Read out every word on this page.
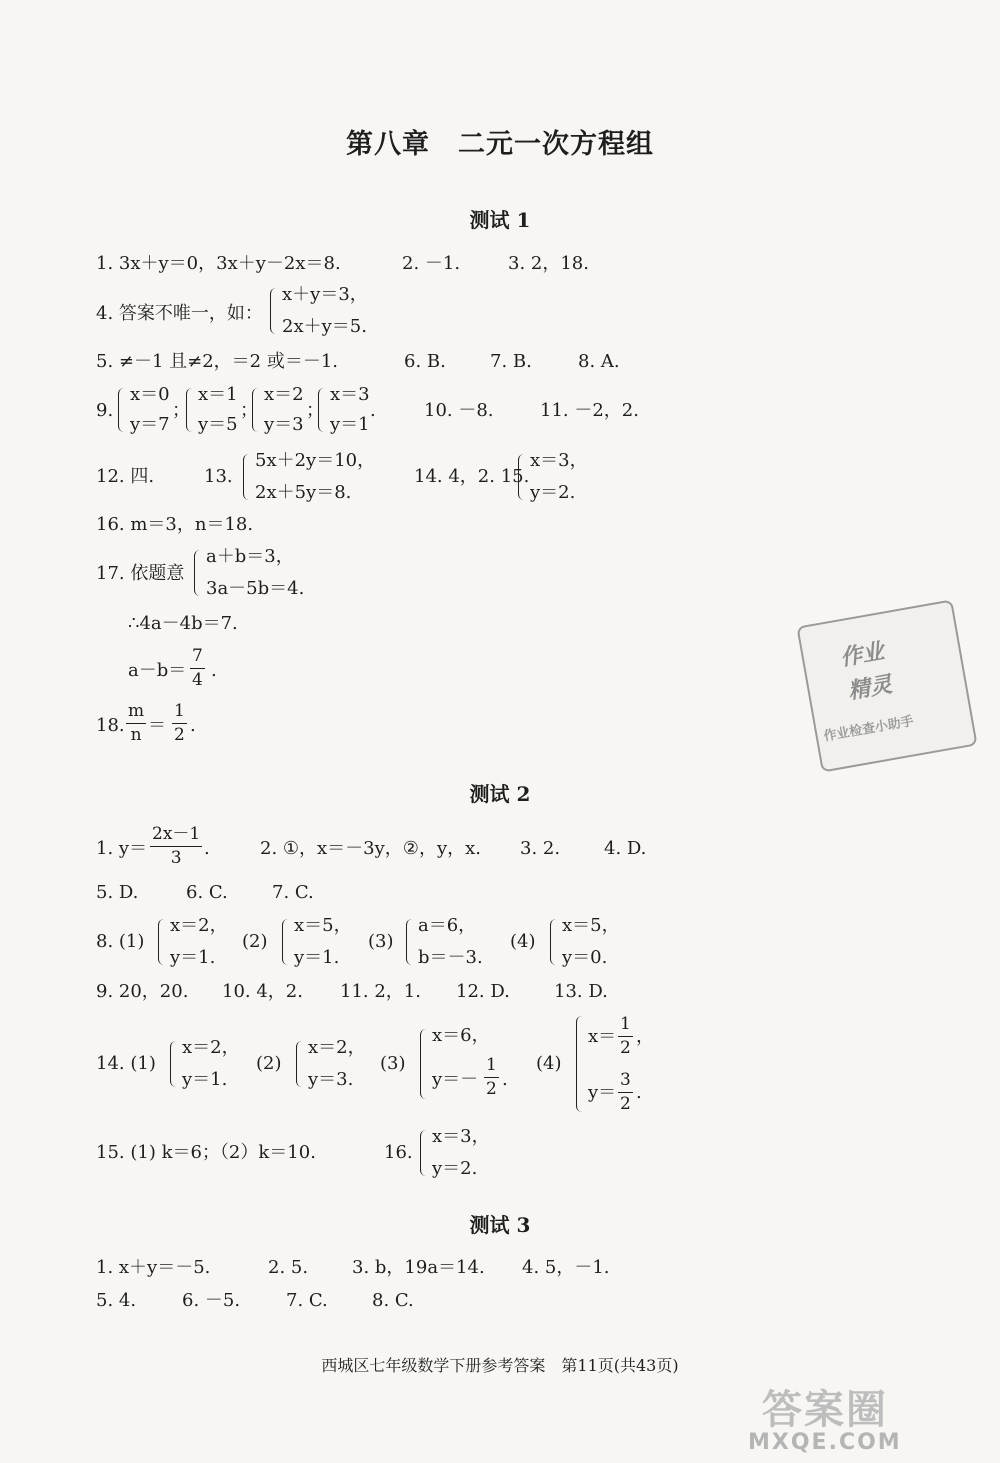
第八章　二元一次方程组
测试 1
1. 3x＋y＝0，3x＋y－2x＝8.	2. －1.	3. 2，18.
4. 答案不唯一，如：
x＋y＝3，
2x＋y＝5.
5. ≠－1 且≠2，＝2 或＝－1.	6. B. 7. B.	8. A.
9.
x＝0
y＝7
；
x＝1
y＝5
；
x＝2
y＝3
；
x＝3
y＝1
.	10. －8.	11. －2，2.
12. 四.	13.
5x＋2y＝10，
2x＋5y＝8.
14. 4，2. 15.
x＝3，
y＝2.
16. m＝3，n＝18.
17. 依题意
a＋b＝3，
3a－5b＝4.
∴4a－4b＝7.
$a-b= \frac{7}{4}$ .
18. $\frac{m}{n} = \frac{1}{2}$ .
测试 2
1. $y= \frac{2x-1}{3}$ .	2. ①，x＝－3y，②，y，x. 3. 2. 4. D.
5. D.	6. C. 7. C.
8. (1)
x＝2，
y＝1.
(2)
x＝5，
y＝1.
(3)
a＝6，
b＝－3.
(4)
x＝5，
y＝0.
9. 20，20. 10. 4，2. 11. 2，1. 12. D. 13. D.
14. (1)
x＝2，
y＝1.
(2)
x＝2，
y＝3.
(3)
x＝6，
$y=- \frac{1}{2}$ .
(4)
$x= \frac{1}{2}$ ，
$y= \frac{3}{2}$ .
15. (1) k＝6；（2）k＝10.	16.
x＝3，
y＝2.
测试 3
1. x＋y＝－5.	2. 5. 3. b，19a＝14. 4. 5，－1.
5. 4.	6. －5.	7. C. 8. C.
作业
精灵
作业检查小助手
西城区七年级数学下册参考答案　第11页(共43页)
答案圈
MXQE.COM
